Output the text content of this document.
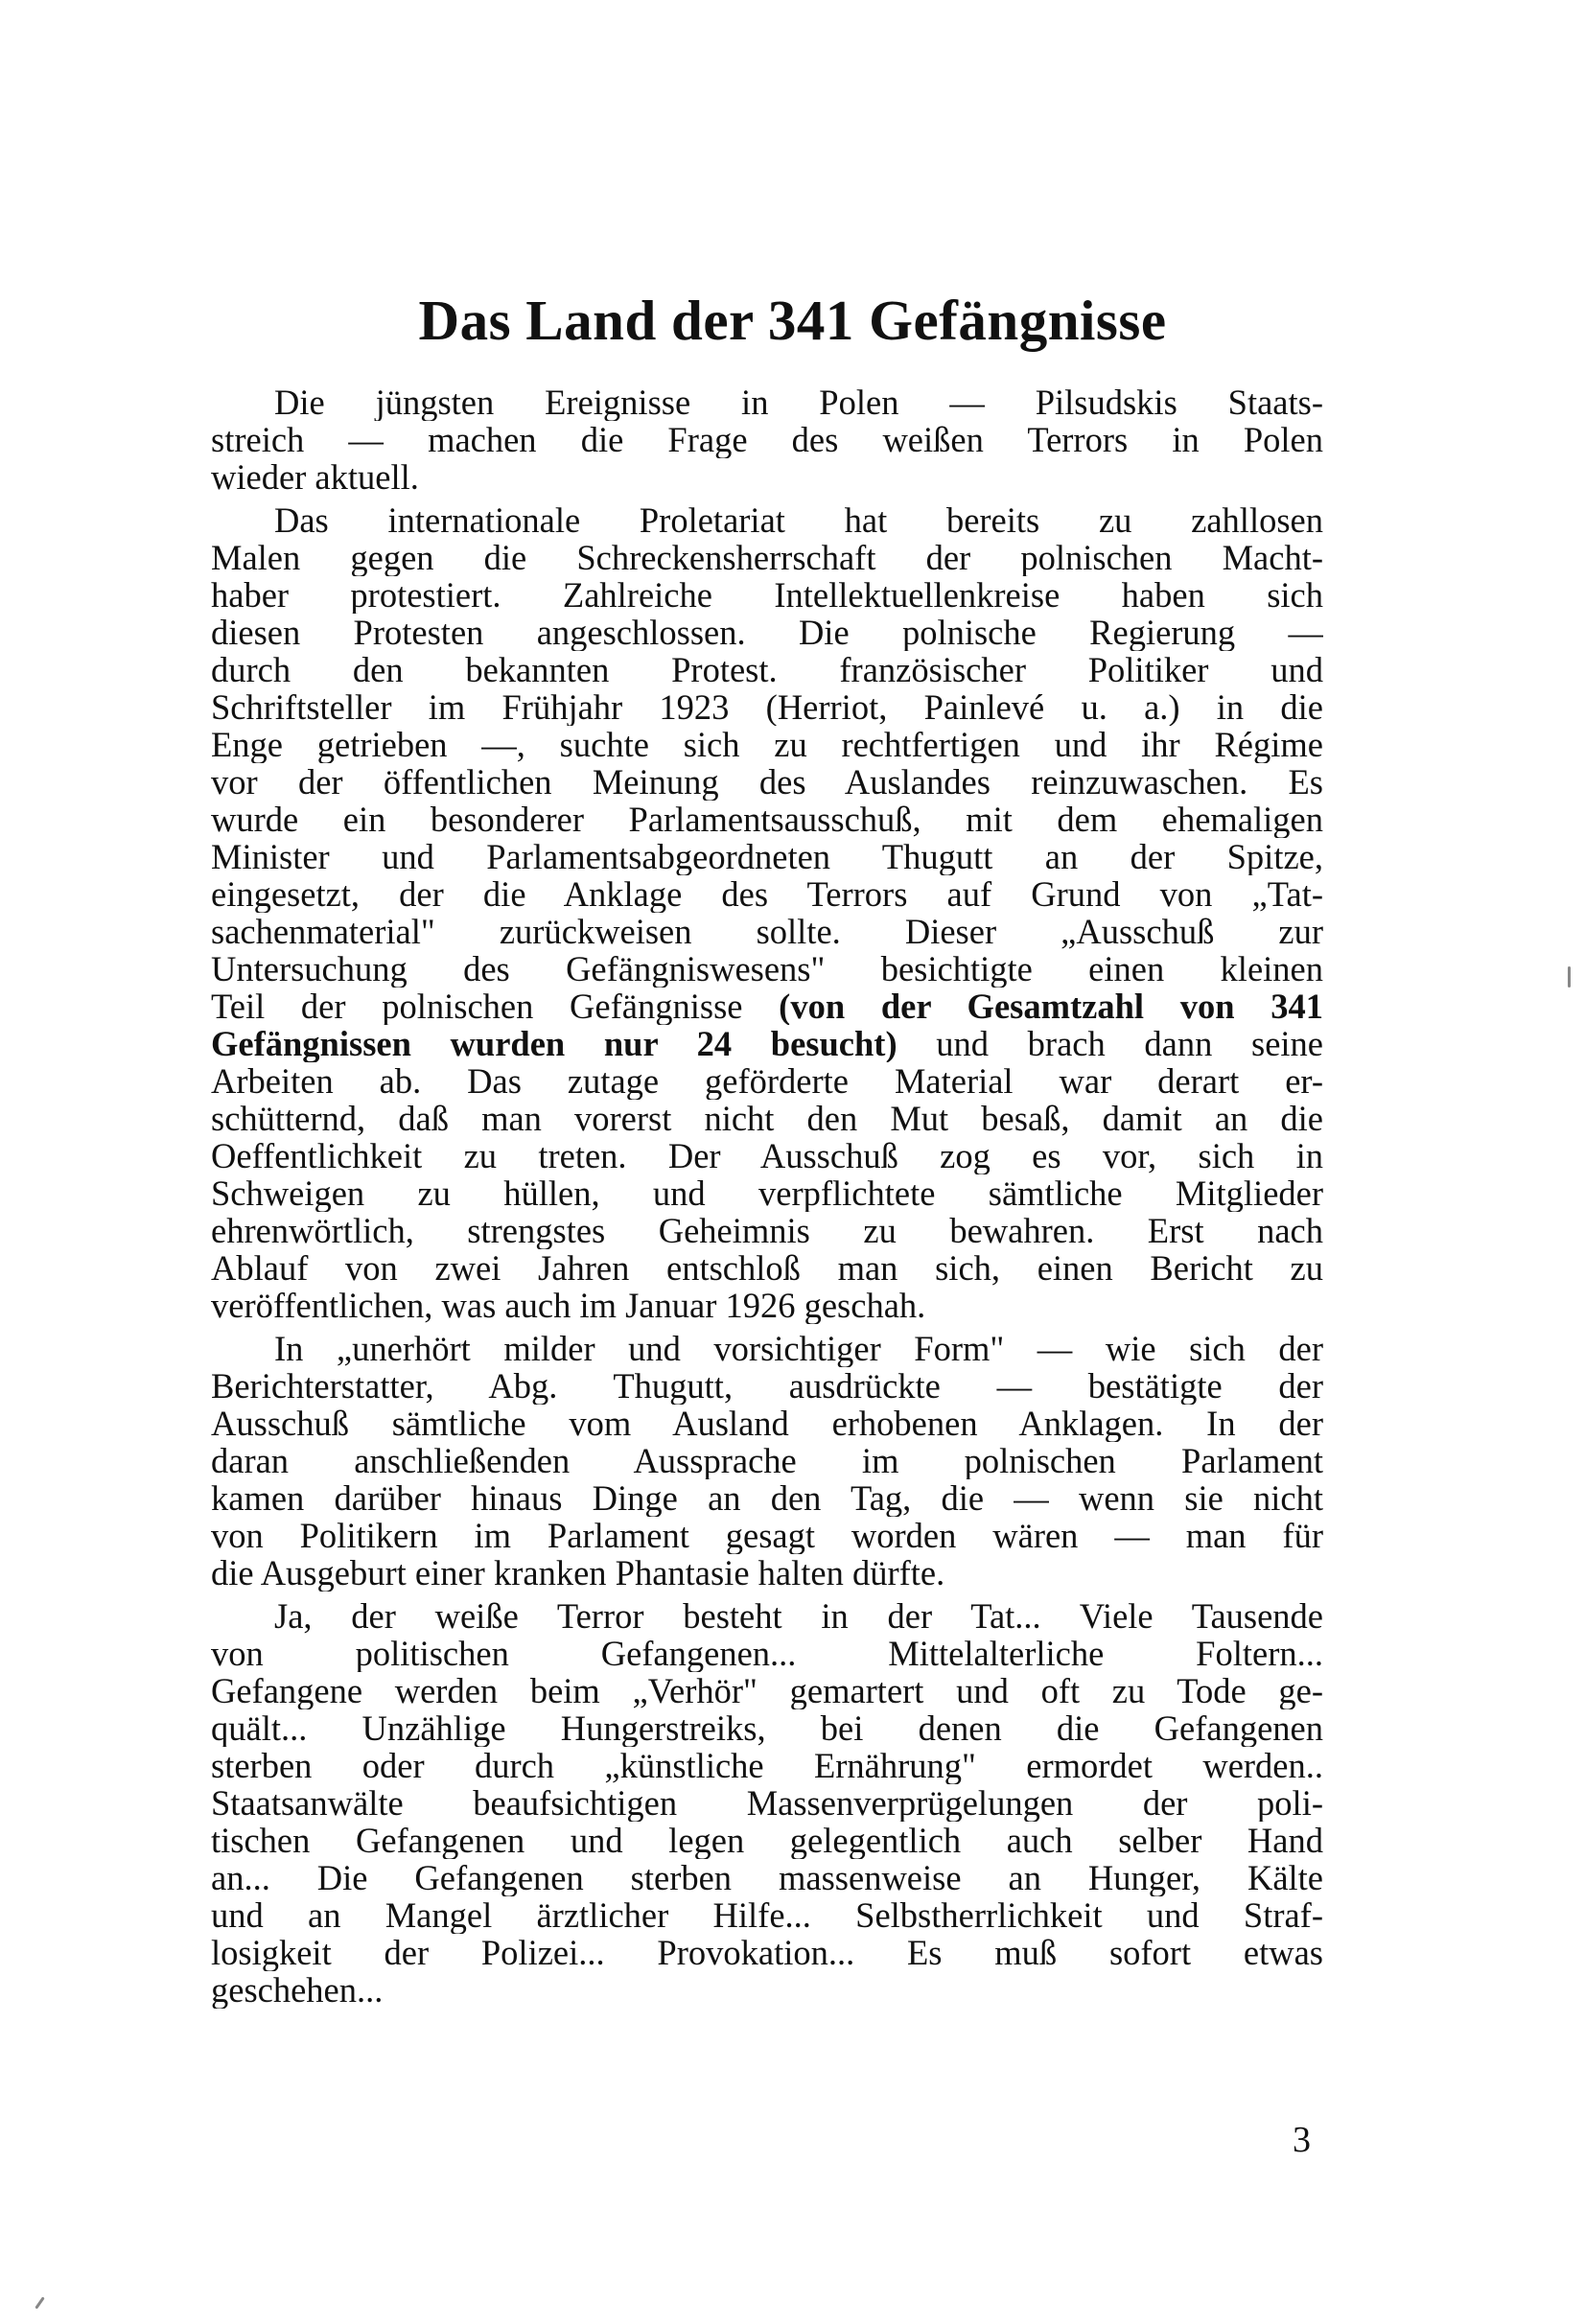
Das Land der 341 Gefängnisse

Die jüngsten Ereignisse in Polen — Pilsudskis Staats-
streich — machen die Frage des weißen Terrors in Polen
wieder aktuell.

Das internationale Proletariat hat bereits zu zahllosen
Malen gegen die Schreckensherrschaft der polnischen Macht-
haber protestiert. Zahlreiche Intellektuellenkreise haben sich
diesen Protesten angeschlossen. Die polnische Regierung —
durch den bekannten Protest. französischer Politiker und
Schriftsteller im Frühjahr 1923 (Herriot, Painlevé u. a.) in die
Enge getrieben —, suchte sich zu rechtfertigen und ihr Régime
vor der öffentlichen Meinung des Auslandes reinzuwaschen. Es
wurde ein besonderer Parlamentsausschuß, mit dem ehemaligen
Minister und Parlamentsabgeordneten Thugutt an der Spitze,
eingesetzt, der die Anklage des Terrors auf Grund von „Tat-
sachenmaterial" zurückweisen sollte. Dieser „Ausschuß zur
Untersuchung des Gefängniswesens" besichtigte einen kleinen
Teil der polnischen Gefängnisse (von der Gesamtzahl von 341
Gefängnissen wurden nur 24 besucht) und brach dann seine
Arbeiten ab. Das zutage geförderte Material war derart er-
schütternd, daß man vorerst nicht den Mut besaß, damit an die
Oeffentlichkeit zu treten. Der Ausschuß zog es vor, sich in
Schweigen zu hüllen, und verpflichtete sämtliche Mitglieder
ehrenwörtlich, strengstes Geheimnis zu bewahren. Erst nach
Ablauf von zwei Jahren entschloß man sich, einen Bericht zu
veröffentlichen, was auch im Januar 1926 geschah.

In „unerhört milder und vorsichtiger Form" — wie sich der
Berichterstatter, Abg. Thugutt, ausdrückte — bestätigte der
Ausschuß sämtliche vom Ausland erhobenen Anklagen. In der
daran anschließenden Aussprache im polnischen Parlament
kamen darüber hinaus Dinge an den Tag, die — wenn sie nicht
von Politikern im Parlament gesagt worden wären — man für
die Ausgeburt einer kranken Phantasie halten dürfte.

Ja, der weiße Terror besteht in der Tat... Viele Tausende
von politischen Gefangenen... Mittelalterliche Foltern...
Gefangene werden beim „Verhör" gemartert und oft zu Tode ge-
quält... Unzählige Hungerstreiks, bei denen die Gefangenen
sterben oder durch „künstliche Ernährung" ermordet werden..
Staatsanwälte beaufsichtigen Massenverprügelungen der poli-
tischen Gefangenen und legen gelegentlich auch selber Hand
an... Die Gefangenen sterben massenweise an Hunger, Kälte
und an Mangel ärztlicher Hilfe... Selbstherrlichkeit und Straf-
losigkeit der Polizei... Provokation... Es muß sofort etwas
geschehen...

3
